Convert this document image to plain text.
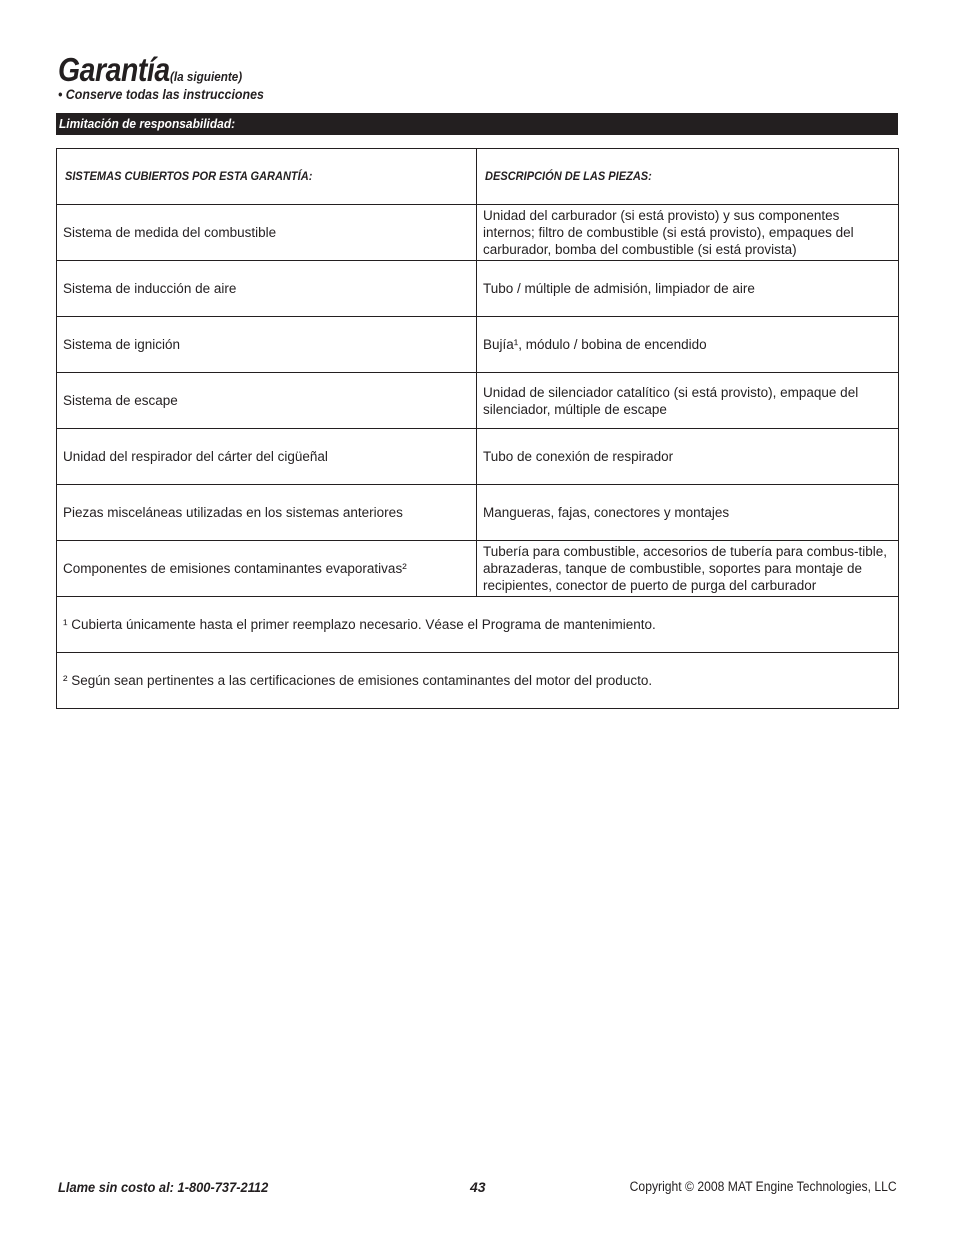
Garantía (la siguiente)
• Conserve todas las instrucciones
Limitación de responsabilidad:
SISTEMAS CUBIERTOS POR ESTA GARANTÍA:	DESCRIPCIÓN DE LAS PIEZAS:
Sistema de medida del combustible	Unidad del carburador (si está provisto) y sus componentes internos; filtro de combustible (si está provisto), empaques del carburador, bomba del combustible (si está provista)
Sistema de inducción de aire	Tubo / múltiple de admisión, limpiador de aire
Sistema de ignición	Bujía¹, módulo / bobina de encendido
Sistema de escape	Unidad de silenciador catalítico (si está provisto), empaque del silenciador, múltiple de escape
Unidad del respirador del cárter del cigüeñal	Tubo de conexión de respirador
Piezas misceláneas utilizadas en los sistemas anteriores	Mangueras, fajas, conectores y montajes
Componentes de emisiones contaminantes evaporativas²	Tubería para combustible, accesorios de tubería para combus-tible, abrazaderas, tanque de combustible, soportes para montaje de recipientes, conector de puerto de purga del carburador
¹ Cubierta únicamente hasta el primer reemplazo necesario. Véase el Programa de mantenimiento.	
² Según sean pertinentes a las certificaciones de emisiones contaminantes del motor del producto.	
Llame sin costo al: 1-800-737-2112	43	Copyright © 2008 MAT Engine Technologies, LLC
